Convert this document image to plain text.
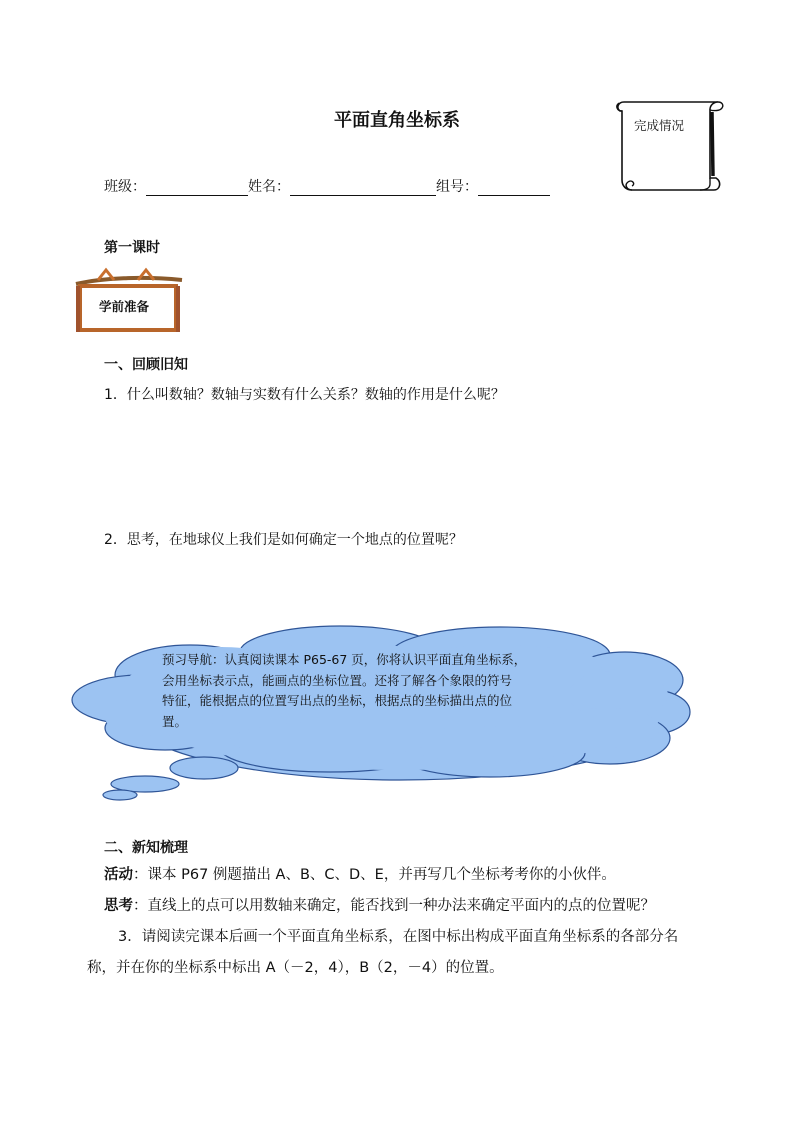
平面直角坐标系	完成情况
班级：	姓名：	组号：
第一课时
学前准备
一、回顾旧知
1．什么叫数轴？数轴与实数有什么关系？数轴的作用是什么呢？
2．思考，在地球仪上我们是如何确定一个地点的位置呢？
预习导航：认真阅读课本 P65-67 页，你将认识平面直角坐标系，
会用坐标表示点，能画点的坐标位置。还将了解各个象限的符号
特征，能根据点的位置写出点的坐标，根据点的坐标描出点的位
置。
二、新知梳理
活动：课本 P67 例题描出 A、B、C、D、E，并再写几个坐标考考你的小伙伴。
思考：直线上的点可以用数轴来确定，能否找到一种办法来确定平面内的点的位置呢？
3．请阅读完课本后画一个平面直角坐标系，在图中标出构成平面直角坐标系的各部分名
称，并在你的坐标系中标出 A（－2，4），B（2，－4）的位置。
